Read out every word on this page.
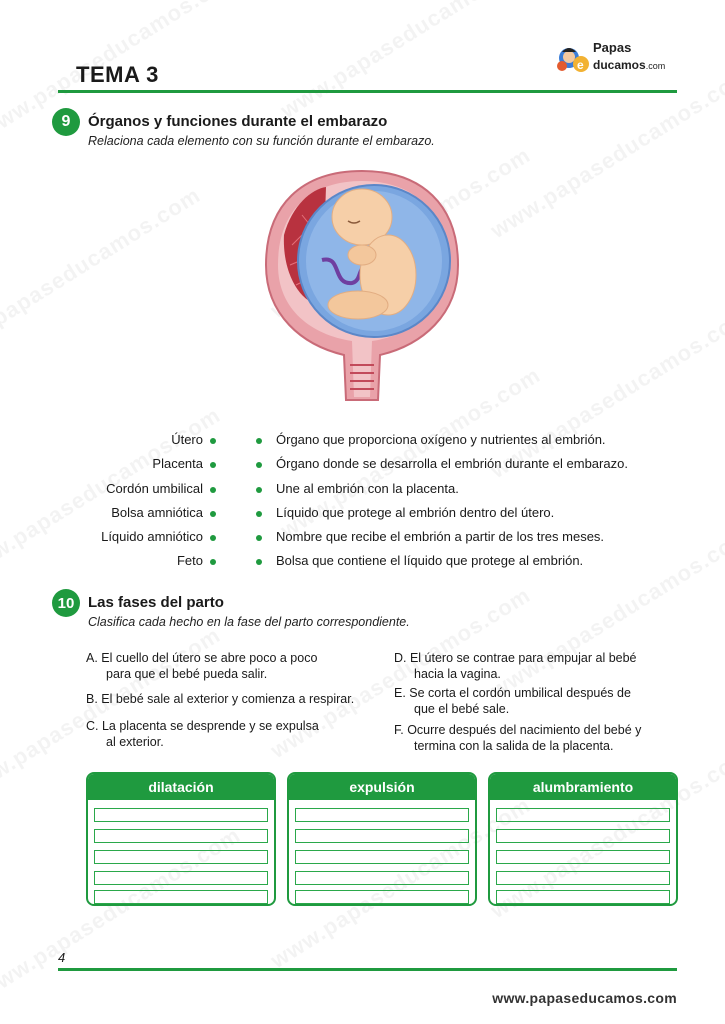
TEMA 3	e
Papas
ducamos.com
9	Órganos y funciones durante el embarazo
Relaciona cada elemento con su función durante el embarazo.
Útero	Órgano que proporciona oxígeno y nutrientes al embrión.
Placenta	Órgano donde se desarrolla el embrión durante el embarazo.
Cordón umbilical	Une al embrión con la placenta.
Bolsa amniótica	Líquido que protege al embrión dentro del útero.
Líquido amniótico	Nombre que recibe el embrión a partir de los tres meses.
Feto	Bolsa que contiene el líquido que protege al embrión.
10 Las fases del parto
Clasifica cada hecho en la fase del parto correspondiente.
A. El cuello del útero se abre poco a poco
para que el bebé pueda salir.
B. El bebé sale al exterior y comienza a respirar.
C. La placenta se desprende y se expulsa
al exterior.
D. El útero se contrae para empujar al bebé
hacia la vagina.
E. Se corta el cordón umbilical después de
que el bebé sale.
F. Ocurre después del nacimiento del bebé y
termina con la salida de la placenta.
dilatación	expulsión	alumbramiento
4
www.papaseducamos.com
